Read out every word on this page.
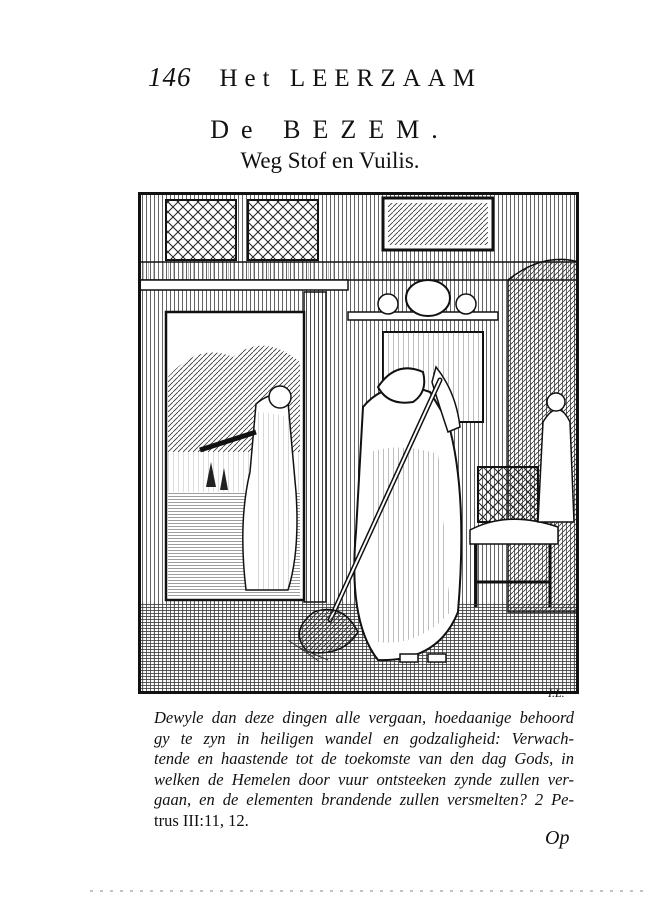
146 Het LEERZAAM
De BEZEM.
Weg Stof en Vuilis.
I.L.
Dewyle dan deze dingen alle vergaan, hoedaanige behoord
gy te zyn in heiligen wandel en godzaligheid: Verwach-
tende en haastende tot de toekomste van den dag Gods, in
welken de Hemelen door vuur ontsteeken zynde zullen ver-
gaan, en de elementen brandende zullen versmelten? 2 Pe-
trus III:11, 12.
Op
